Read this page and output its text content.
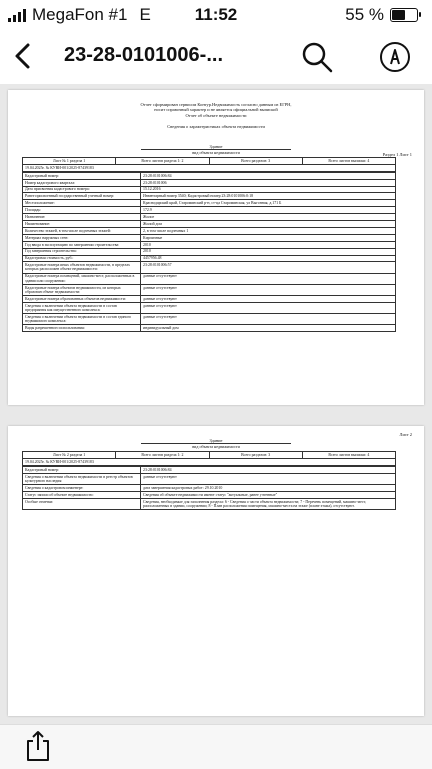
MegaFon #1 E	11:52	55 %
23-28-0101006-...
Отчет сформирован сервисом Контур.Недвижимость согласно данным из ЕГРН,
носит справочный характер и не является официальной выпиской
Отчет об объекте недвижимости
Сведения о характеристиках объекта недвижимости
Раздел 1 Лист 1
Здание
вид объекта недвижимости
Лист № 1 раздела 1	Всего листов раздела 1: 2	Всего разделов: 3	Всего листов выписки: 4
19.04.2025г. № КУВИ-001/2025-87439183
Кадастровый номер:	23:28:0101006:84
Номер кадастрового квартала:	23:28:0101006
Дата присвоения кадастрового номера:	15.12.2016
Ранее присвоенный государственный учетный номер:	Инвентарный номер 3540; Кадастровый номер 23:28:0101006:0:18
Местоположение:	Краснодарский край, Староминский р-н, ст-ца Староминская, ул Выгонная, д.171 Б
Площадь:	172.9
Назначение:	Жилое
Наименование:	Жилой дом
Количество этажей, в том числе подземных этажей:	2, в том числе подземных 1
Материал наружных стен:	Кирпичные
Год ввода в эксплуатацию по завершении строительства:	2010
Год завершения строительства:	2010
Кадастровая стоимость, руб.:	4457956.48
Кадастровые номера иных объектов недвижимости, в пределах которых расположен объект недвижимости:	23:28:0101006:57
Кадастровые номера помещений, машино-мест, расположенных в здании или сооружении:	данные отсутствуют
Кадастровые номера объектов недвижимости, из которых образован объект недвижимости:	данные отсутствуют
Кадастровые номера образованных объектов недвижимости:	данные отсутствуют
Сведения о включении объекта недвижимости в состав предприятия как имущественного комплекса:	данные отсутствуют
Сведения о включении объекта недвижимости в состав единого недвижимого комплекса:	данные отсутствуют
Виды разрешенного использования:	индивидуальный дом
Лист 2
Здание
вид объекта недвижимости
Лист № 2 раздела 1	Всего листов раздела 1: 2	Всего разделов: 3	Всего листов выписки: 4
19.04.2025г. № КУВИ-001/2025-87439183
Кадастровый номер:	23:28:0101006:84
Сведения о включении объекта недвижимости в реестр объектов культурного наследия:	данные отсутствуют
Сведения о кадастровом инженере:	дата завершения кадастровых работ: 29.10.2010
Статус записи об объекте недвижимости:	Сведения об объекте недвижимости имеют статус "актуальные, ранее учтенные"
Особые отметки:	Сведения, необходимые для заполнения раздела: 6 - Сведения о части объекта недвижимости; 7 - Перечень помещений, машино-мест, расположенных в здании, сооружении; 8 - План расположения помещения, машино-места на этаже (плане этажа), отсутствуют.
